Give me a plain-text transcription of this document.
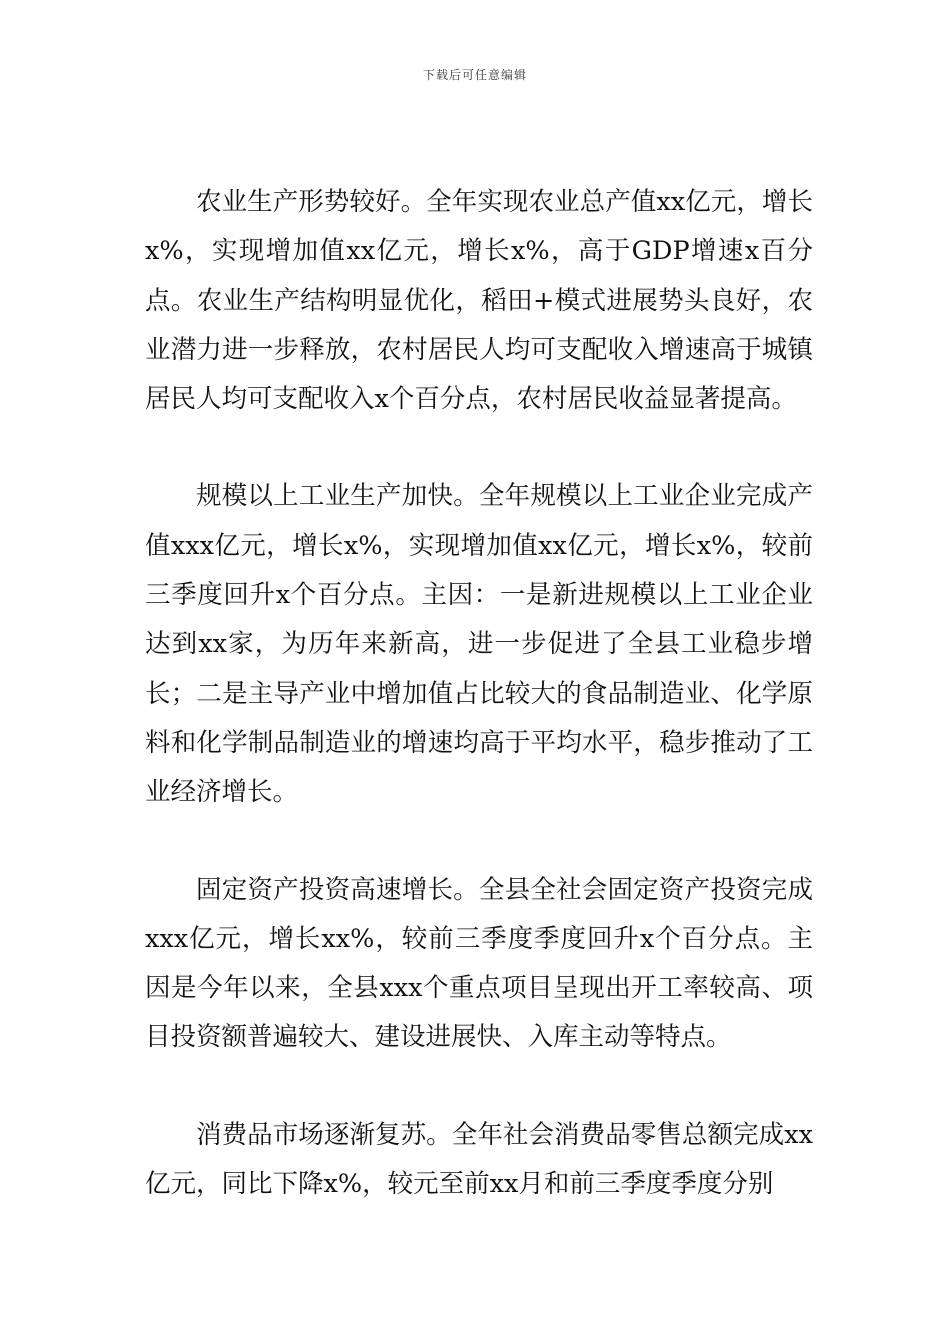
下载后可任意编辑

农业生产形势较好。全年实现农业总产值xx亿元，增长x%，实现增加值xx亿元，增长x%，高于GDP增速x百分点。农业生产结构明显优化，稻田+模式进展势头良好，农业潜力进一步释放，农村居民人均可支配收入增速高于城镇居民人均可支配收入x个百分点，农村居民收益显著提高。

规模以上工业生产加快。全年规模以上工业企业完成产值xxx亿元，增长x%，实现增加值xx亿元，增长x%，较前三季度回升x个百分点。主因：一是新进规模以上工业企业达到xx家，为历年来新高，进一步促进了全县工业稳步增长；二是主导产业中增加值占比较大的食品制造业、化学原料和化学制品制造业的增速均高于平均水平，稳步推动了工业经济增长。

固定资产投资高速增长。全县全社会固定资产投资完成xxx亿元，增长xx%，较前三季度季度回升x个百分点。主因是今年以来，全县xxx个重点项目呈现出开工率较高、项目投资额普遍较大、建设进展快、入库主动等特点。

消费品市场逐渐复苏。全年社会消费品零售总额完成xx亿元，同比下降x%，较元至前xx月和前三季度季度分别
